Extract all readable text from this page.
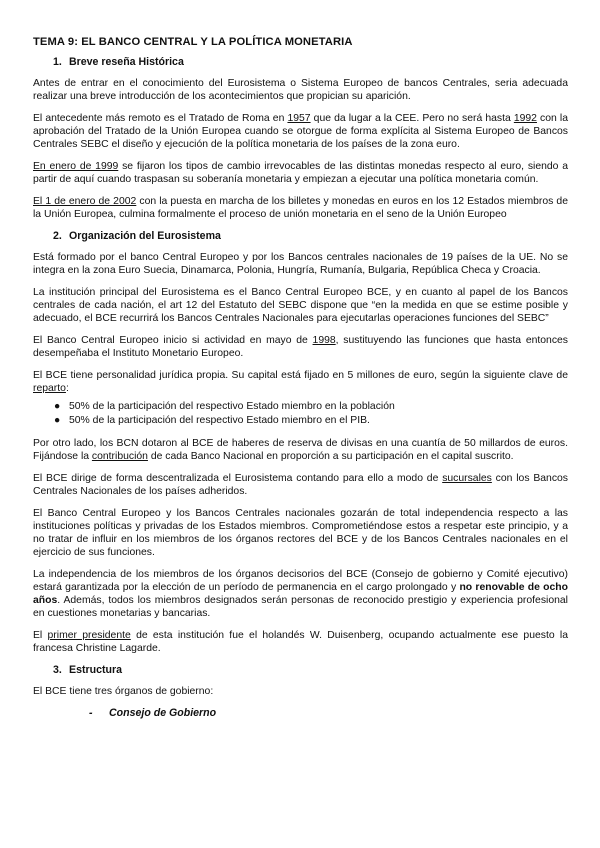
TEMA 9: EL BANCO CENTRAL Y LA POLÍTICA MONETARIA
1. Breve reseña Histórica

Antes de entrar en el conocimiento del Eurosistema o Sistema Europeo de bancos Centrales, seria adecuada realizar una breve introducción de los acontecimientos que propician su aparición.

El antecedente más remoto es el Tratado de Roma en 1957 que da lugar a la CEE. Pero no será hasta 1992 con la aprobación del Tratado de la Unión Europea cuando se otorgue de forma explícita al Sistema Europeo de Bancos Centrales SEBC el diseño y ejecución de la política monetaria de los países de la zona euro.

En enero de 1999 se fijaron los tipos de cambio irrevocables de las distintas monedas respecto al euro, siendo a partir de aquí cuando traspasan su soberanía monetaria y empiezan a ejecutar una política monetaria común.

El 1 de enero de 2002 con la puesta en marcha de los billetes y monedas en euros en los 12 Estados miembros de la Unión Europea, culmina formalmente el proceso de unión monetaria en el seno de la Unión Europeo

2. Organización del Eurosistema

Está formado por el banco Central Europeo y por los Bancos centrales nacionales de 19 países de la UE. No se integra en la zona Euro Suecia, Dinamarca, Polonia, Hungría, Rumanía, Bulgaria, República Checa y Croacia.

La institución principal del Eurosistema es el Banco Central Europeo BCE, y en cuanto al papel de los Bancos centrales de cada nación, el art 12 del Estatuto del SEBC dispone que “en la medida en que se estime posible y adecuado, el BCE recurrirá los Bancos Centrales Nacionales para ejecutarlas operaciones funciones del SEBC”

El Banco Central Europeo inicio si actividad en mayo de 1998, sustituyendo las funciones que hasta entonces desempeñaba el Instituto Monetario Europeo.

El BCE tiene personalidad jurídica propia. Su capital está fijado en 5 millones de euro, según la siguiente clave de reparto:

● 50% de la participación del respectivo Estado miembro en la población
● 50% de la participación del respectivo Estado miembro en el PIB.

Por otro lado, los BCN dotaron al BCE de haberes de reserva de divisas en una cuantía de 50 millardos de euros. Fijándose la contribución de cada Banco Nacional en proporción a su participación en el capital suscrito.

El BCE dirige de forma descentralizada el Eurosistema contando para ello a modo de sucursales con los Bancos Centrales Nacionales de los países adheridos.

El Banco Central Europeo y los Bancos Centrales nacionales gozarán de total independencia respecto a las instituciones políticas y privadas de los Estados miembros. Comprometiéndose estos a respetar este principio, y a no tratar de influir en los miembros de los órganos rectores del BCE y de los Bancos Centrales nacionales en el ejercicio de sus funciones.

La independencia de los miembros de los órganos decisorios del BCE (Consejo de gobierno y Comité ejecutivo) estará garantizada por la elección de un período de permanencia en el cargo prolongado y no renovable de ocho años. Además, todos los miembros designados serán personas de reconocido prestigio y experiencia profesional en cuestiones monetarias y bancarias.

El primer presidente de esta institución fue el holandés W. Duisenberg, ocupando actualmente ese puesto la francesa Christine Lagarde.

3. Estructura

El BCE tiene tres órganos de gobierno:

- Consejo de Gobierno
